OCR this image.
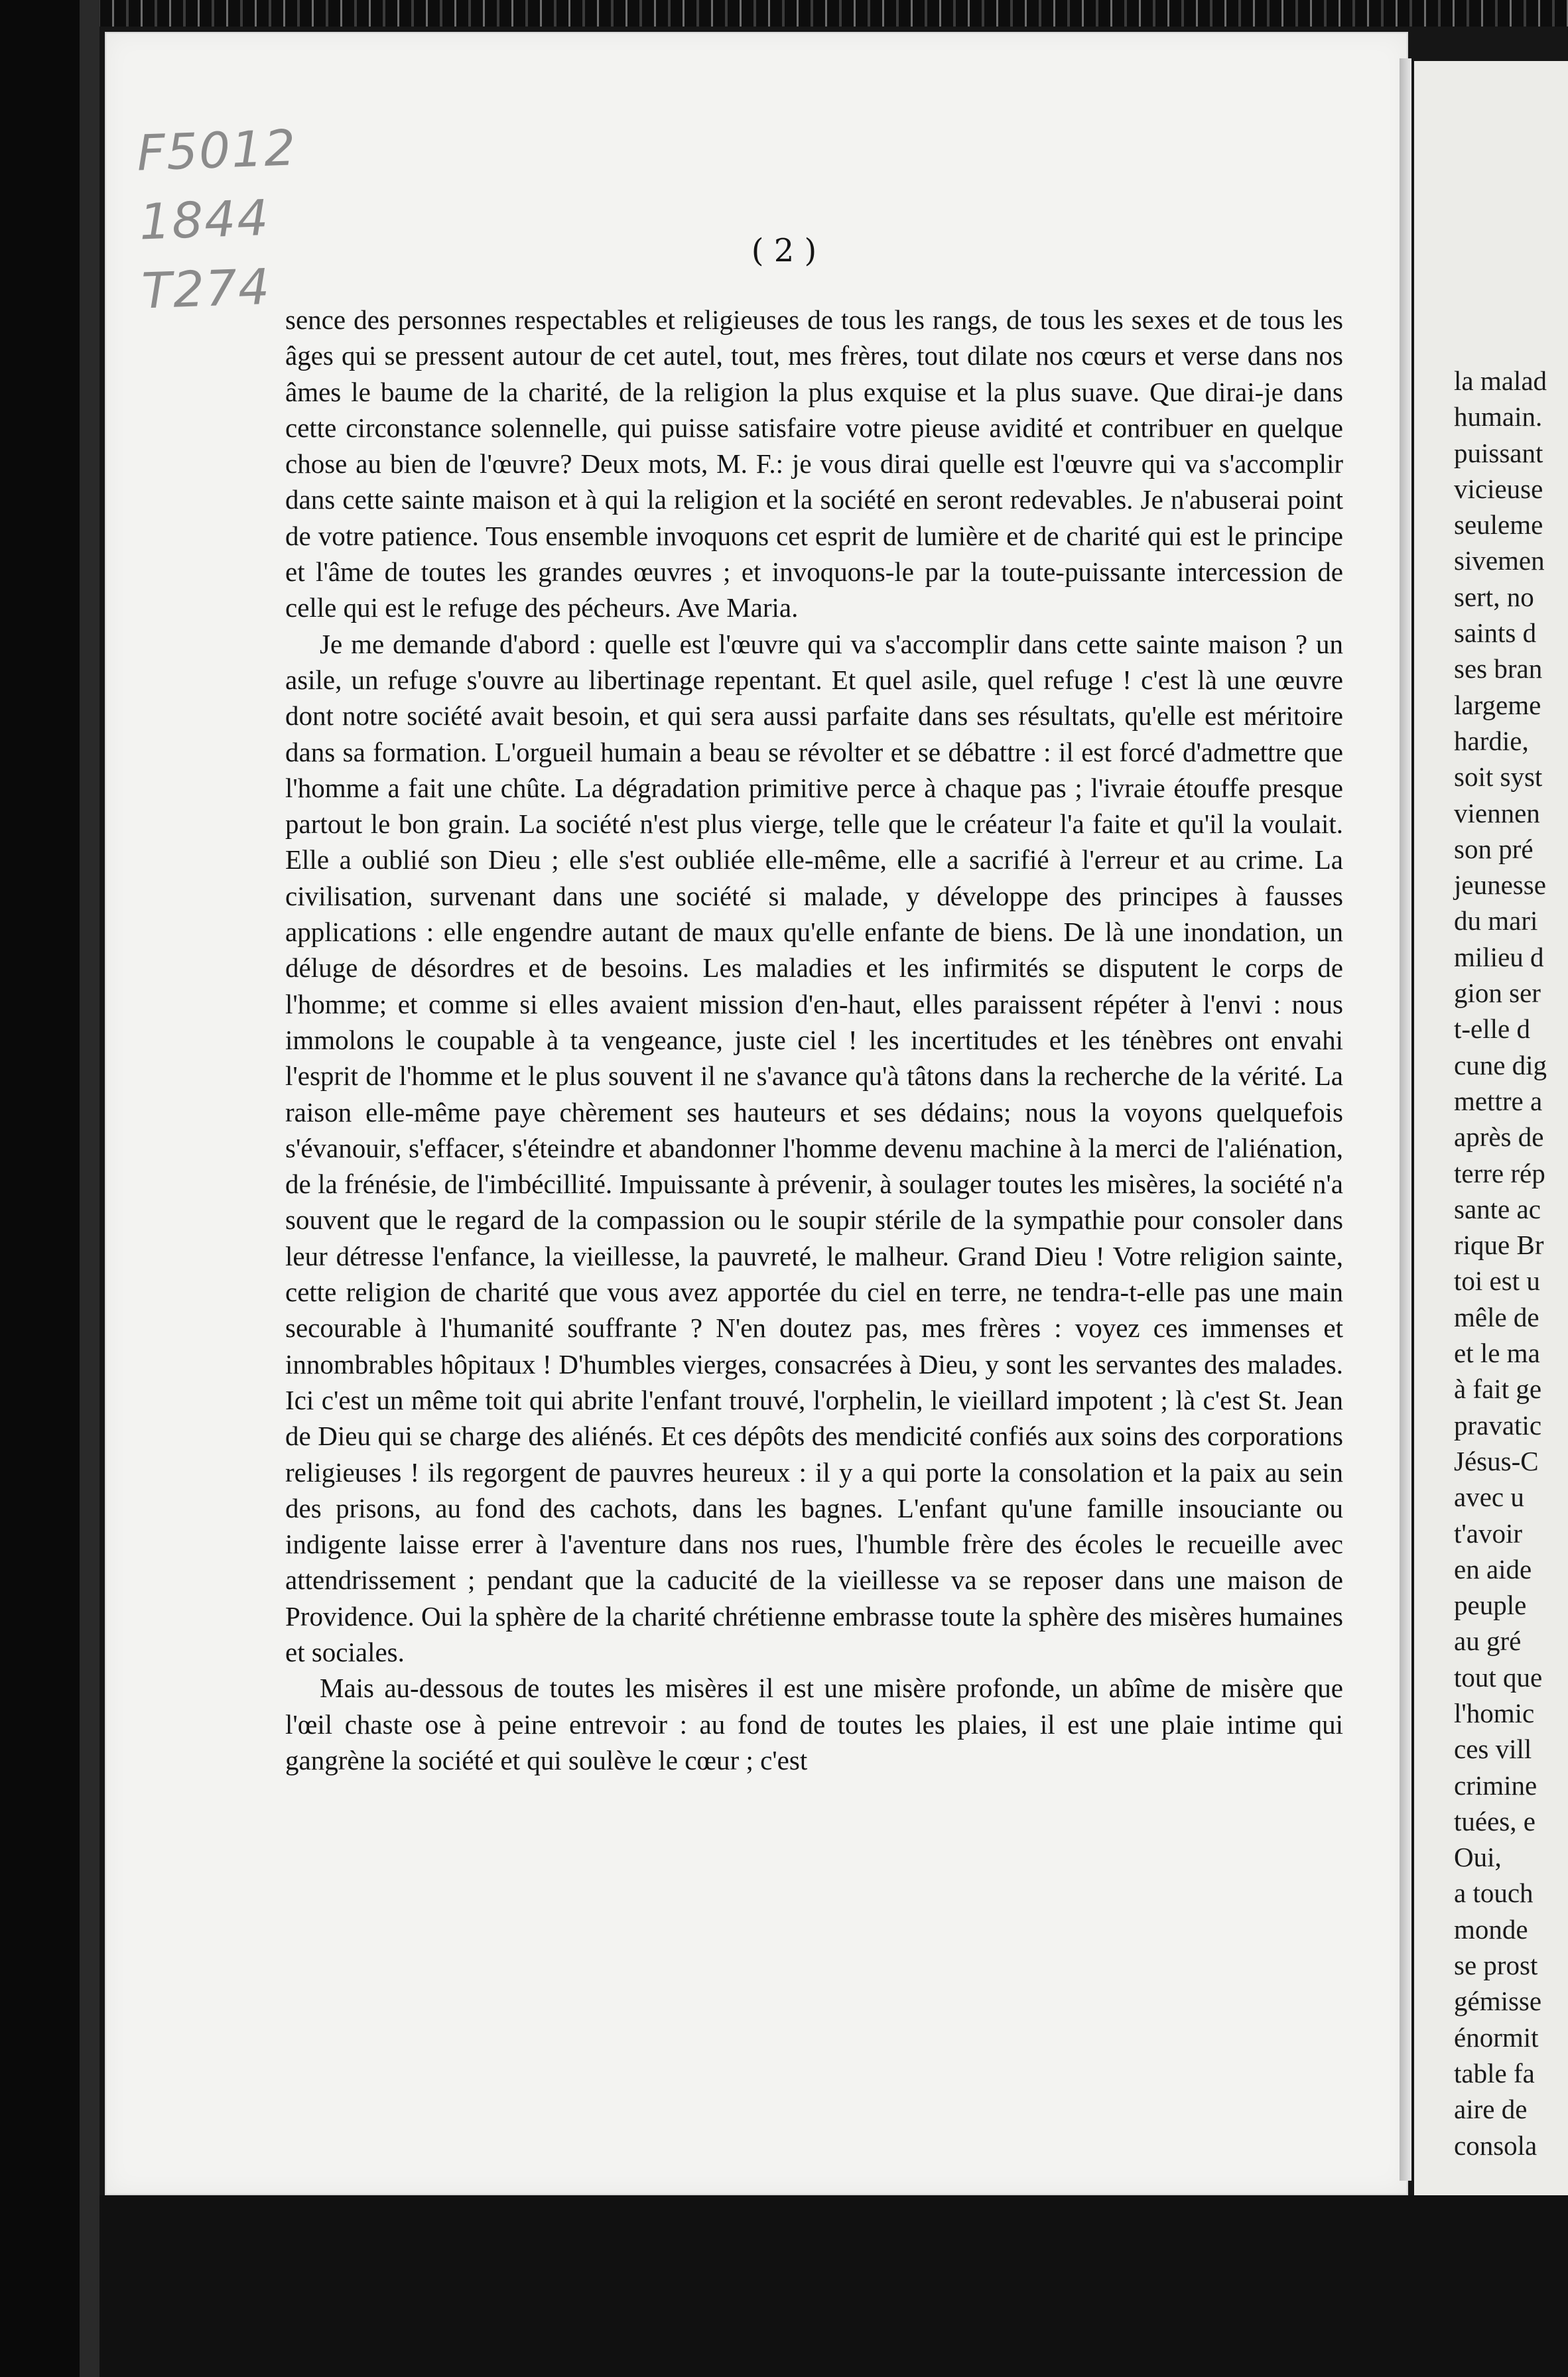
la malad
humain.
puissant
vicieuse
seulemе
sivemen
sert, no
saints d
ses bran
largeme
hardie,
soit syst
viennen
son pré
jeunesse
du mari
milieu d
gion ser
t-elle d
cune dig
mettre a
après de
terre rép
sante ac
rique Br
toi est u
mêle de
et le ma
à fait ge
pravatic
Jésus-C
avec u
t'avoir
en aide
peuple
au gré
tout que
l'homic
ces vill
crimine
tuées, e
Oui,
a touch
monde
se prost
gémisse
énormit
table fa
aire de
consola
F5012
1844
T274
( 2 )

sence des personnes respectables et religieuses de tous les rangs, de tous les sexes et de tous les âges qui se pressent autour de cet autel, tout, mes frères, tout dilate nos cœurs et verse dans nos âmes le baume de la charité, de la religion la plus exquise et la plus suave. Que dirai-je dans cette circonstance solennelle, qui puisse satisfaire votre pieuse avidité et contribuer en quelque chose au bien de l'œuvre? Deux mots, M. F.: je vous dirai quelle est l'œuvre qui va s'accomplir dans cette sainte maison et à qui la religion et la société en seront redevables. Je n'abuserai point de votre patience. Tous ensemble invoquons cet esprit de lumière et de charité qui est le principe et l'âme de toutes les grandes œuvres ; et invoquons-le par la toute-puissante intercession de celle qui est le refuge des pécheurs. Ave Maria.

Je me demande d'abord : quelle est l'œuvre qui va s'accomplir dans cette sainte maison ? un asile, un refuge s'ouvre au libertinage repentant. Et quel asile, quel refuge ! c'est là une œuvre dont notre société avait besoin, et qui sera aussi parfaite dans ses résultats, qu'elle est méritoire dans sa formation. L'orgueil humain a beau se révolter et se débattre : il est forcé d'admettre que l'homme a fait une chûte. La dégradation primitive perce à chaque pas ; l'ivraie étouffe presque partout le bon grain. La société n'est plus vierge, telle que le créateur l'a faite et qu'il la voulait. Elle a oublié son Dieu ; elle s'est oubliée elle-même, elle a sacrifié à l'erreur et au crime. La civilisation, survenant dans une société si malade, y développe des principes à fausses applications : elle engendre autant de maux qu'elle enfante de biens. De là une inondation, un déluge de désordres et de besoins. Les maladies et les infirmités se disputent le corps de l'homme; et comme si elles avaient mission d'en-haut, elles paraissent répéter à l'envi : nous immolons le coupable à ta vengeance, juste ciel ! les incertitudes et les ténèbres ont envahi l'esprit de l'homme et le plus souvent il ne s'avance qu'à tâtons dans la recherche de la vérité. La raison elle-même paye chèrement ses hauteurs et ses dédains; nous la voyons quelquefois s'évanouir, s'effacer, s'éteindre et abandonner l'homme devenu machine à la merci de l'aliénation, de la frénésie, de l'imbécillité. Impuissante à prévenir, à soulager toutes les misères, la société n'a souvent que le regard de la compassion ou le soupir stérile de la sympathie pour consoler dans leur détresse l'enfance, la vieillesse, la pauvreté, le malheur. Grand Dieu ! Votre religion sainte, cette religion de charité que vous avez apportée du ciel en terre, ne tendra-t-elle pas une main secourable à l'humanité souffrante ? N'en doutez pas, mes frères : voyez ces immenses et innombrables hôpitaux ! D'humbles vierges, consacrées à Dieu, y sont les servantes des malades. Ici c'est un même toit qui abrite l'enfant trouvé, l'orphelin, le vieillard impotent ; là c'est St. Jean de Dieu qui se charge des aliénés. Et ces dépôts des mendicité confiés aux soins des corporations religieuses ! ils regorgent de pauvres heureux : il y a qui porte la consolation et la paix au sein des prisons, au fond des cachots, dans les bagnes. L'enfant qu'une famille insouciante ou indigente laisse errer à l'aventure dans nos rues, l'humble frère des écoles le recueille avec attendrissement ; pendant que la caducité de la vieillesse va se reposer dans une maison de Providence. Oui la sphère de la charité chrétienne embrasse toute la sphère des misères humaines et sociales.

Mais au-dessous de toutes les misères il est une misère profonde, un abîme de misère que l'œil chaste ose à peine entrevoir : au fond de toutes les plaies, il est une plaie intime qui gangrène la société et qui soulève le cœur ; c'est
